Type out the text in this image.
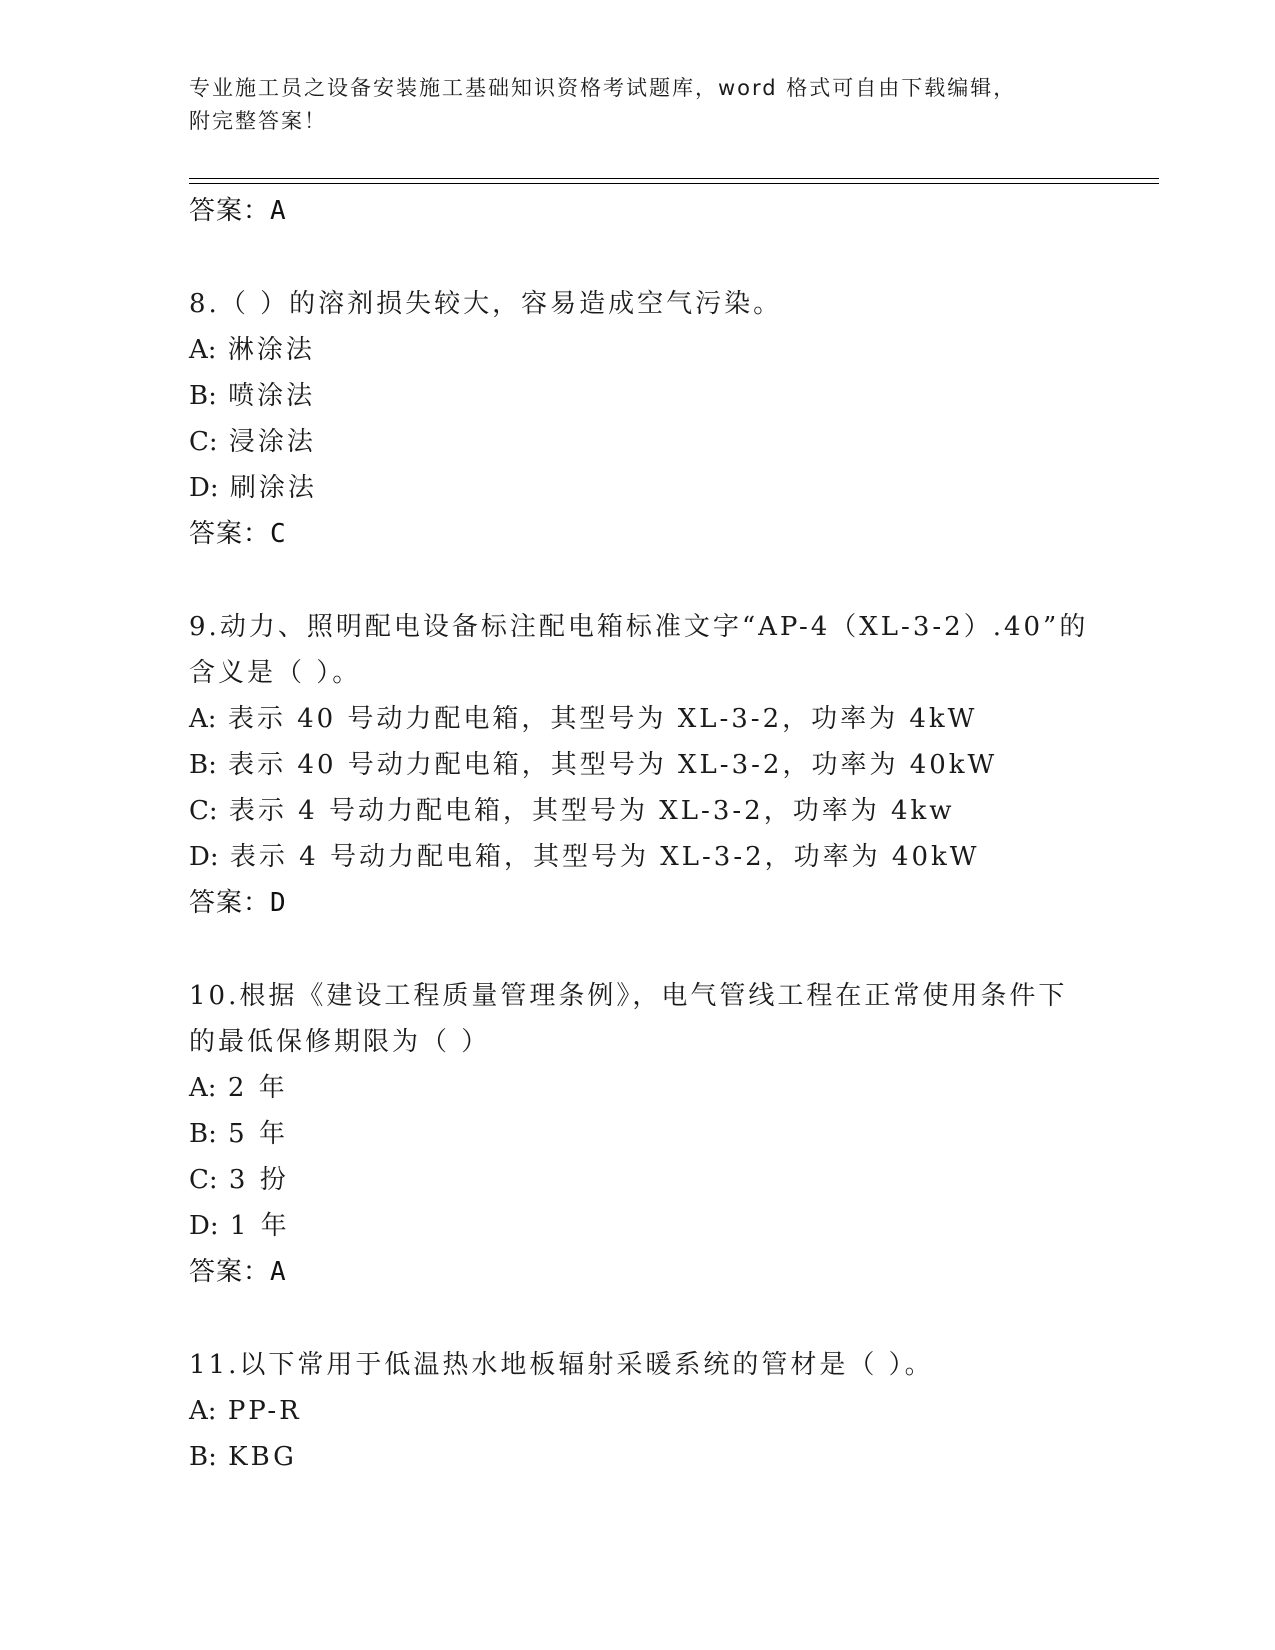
专业施工员之设备安装施工基础知识资格考试题库，word 格式可自由下载编辑，
附完整答案！
答案：A
8.（ ）的溶剂损失较大，容易造成空气污染。
A: 淋涂法
B: 喷涂法
C: 浸涂法
D: 刷涂法
答案：C
9.动力、照明配电设备标注配电箱标准文字“AP-4（XL-3-2）.40”的
含义是（ ）。
A: 表示 40 号动力配电箱，其型号为 XL-3-2，功率为 4kW
B: 表示 40 号动力配电箱，其型号为 XL-3-2，功率为 40kW
C: 表示 4 号动力配电箱，其型号为 XL-3-2，功率为 4kw
D: 表示 4 号动力配电箱，其型号为 XL-3-2，功率为 40kW
答案：D
10.根据《建设工程质量管理条例》，电气管线工程在正常使用条件下
的最低保修期限为（ ）
A: 2 年
B: 5 年
C: 3 扮
D: 1 年
答案：A
11.以下常用于低温热水地板辐射采暖系统的管材是（ ）。
A: PP-R
B: KBG
